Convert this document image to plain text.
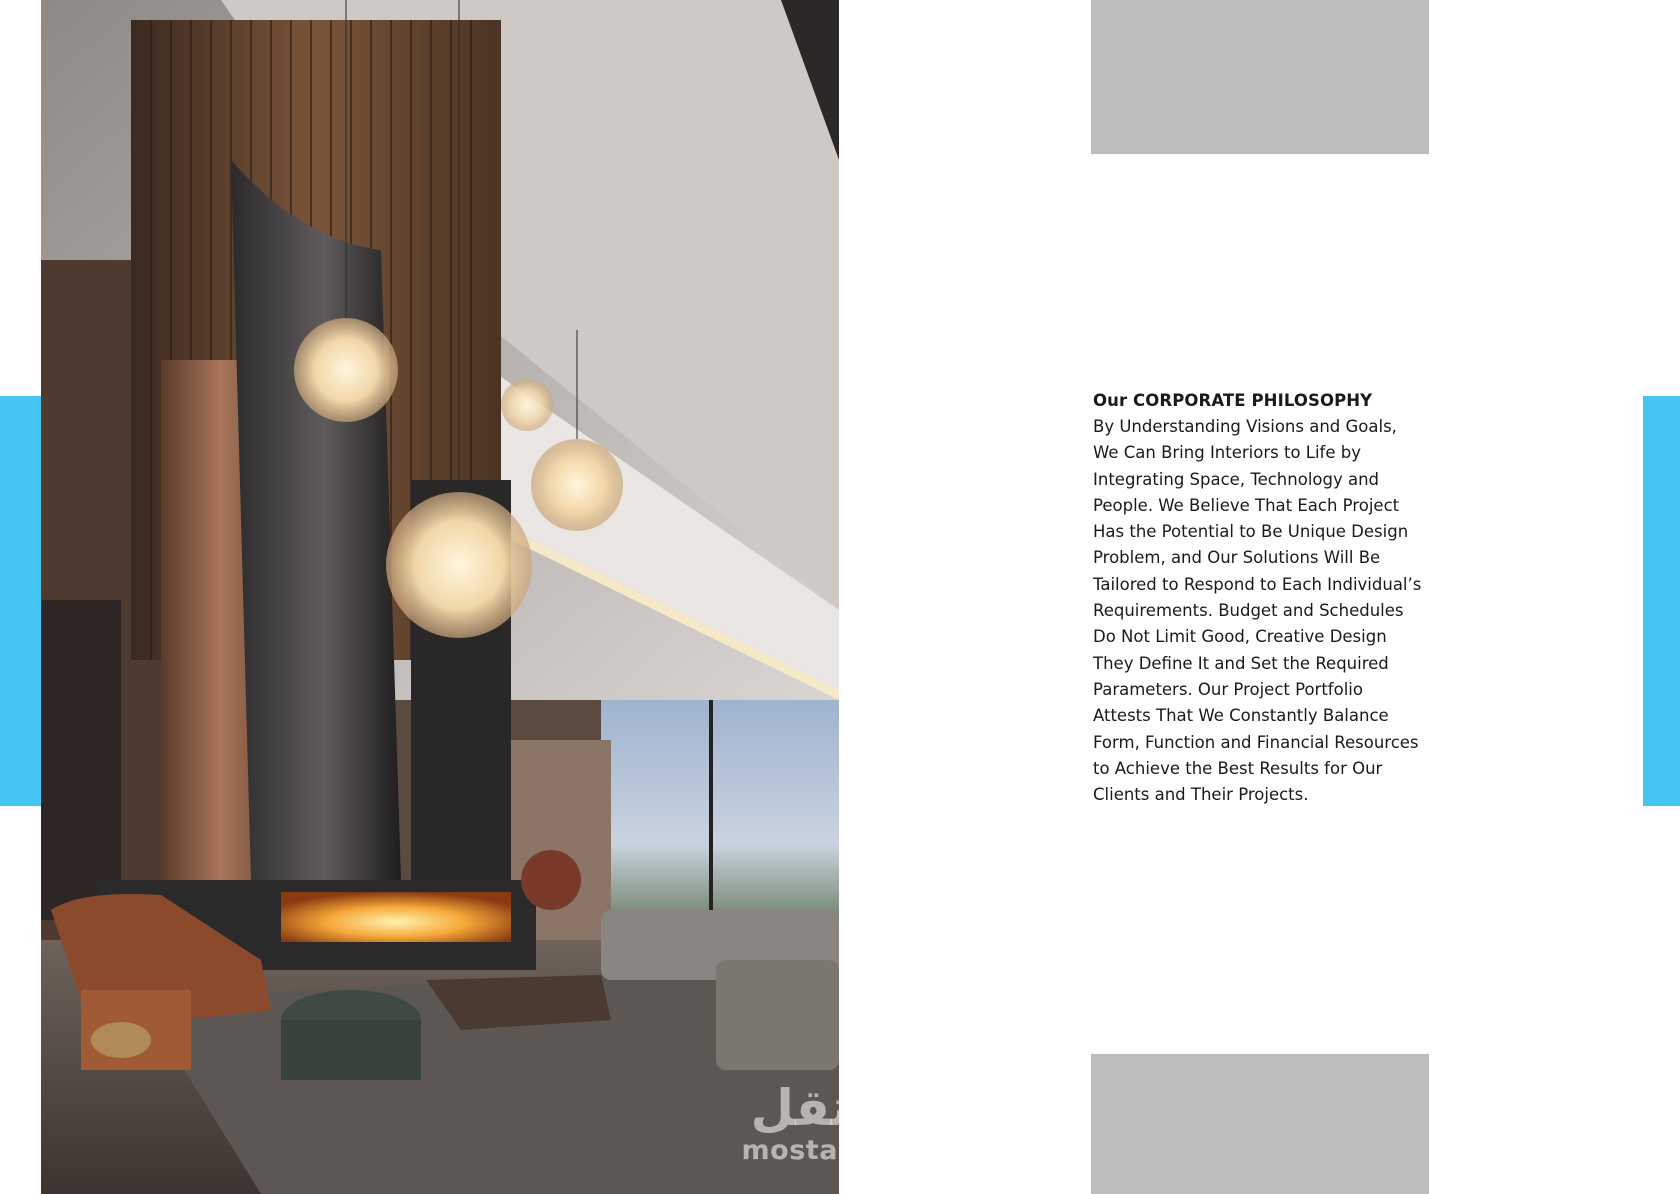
Our CORPORATE PHILOSOPHY

By Understanding Visions and Goals,

We Can Bring Interiors to Life by

Integrating Space, Technology and

People. We Believe That Each Project

Has the Potential to Be Unique Design

Problem, and Our Solutions Will Be

Tailored to Respond to Each Individual’s

Requirements. Budget and Schedules

Do Not Limit Good, Creative Design

They Define It and Set the Required

Parameters. Our Project Portfolio

Attests That We Constantly Balance

Form, Function and Financial Resources

to Achieve the Best Results for Our

Clients and Their Projects.

مستقل
mostaql.com
